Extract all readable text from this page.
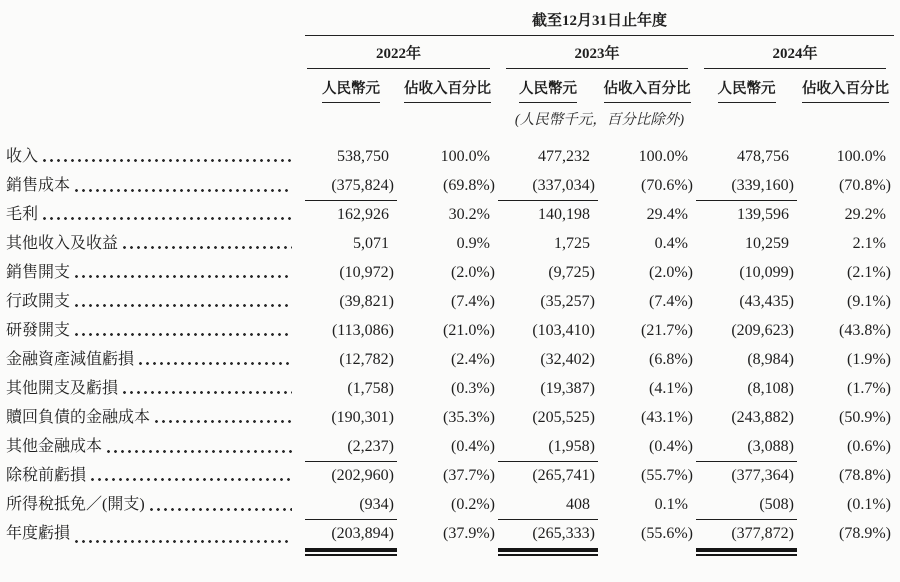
截至12月31日止年度
2022年	2023年	2024年
人民幣元	佔收入百分比	人民幣元	佔收入百分比	人民幣元	佔收入百分比
(人民幣千元，百分比除外)
收入	538,750	100.0%	477,232	100.0%	478,756	100.0%
銷售成本	(375,824)	(69.8%)	(337,034)	(70.6%)	(339,160)	(70.8%)
毛利	162,926	30.2%	140,198	29.4%	139,596	29.2%
其他收入及收益	5,071	0.9%	1,725	0.4%	10,259	2.1%
銷售開支	(10,972)	(2.0%)	(9,725)	(2.0%)	(10,099)	(2.1%)
行政開支	(39,821)	(7.4%)	(35,257)	(7.4%)	(43,435)	(9.1%)
研發開支	(113,086)	(21.0%)	(103,410)	(21.7%)	(209,623)	(43.8%)
金融資產減值虧損	(12,782)	(2.4%)	(32,402)	(6.8%)	(8,984)	(1.9%)
其他開支及虧損	(1,758)	(0.3%)	(19,387)	(4.1%)	(8,108)	(1.7%)
贖回負債的金融成本	(190,301)	(35.3%)	(205,525)	(43.1%)	(243,882)	(50.9%)
其他金融成本	(2,237)	(0.4%)	(1,958)	(0.4%)	(3,088)	(0.6%)
除稅前虧損	(202,960)	(37.7%)	(265,741)	(55.7%)	(377,364)	(78.8%)
所得稅抵免／(開支)	(934)	(0.2%)	408	0.1%	(508)	(0.1%)
年度虧損	(203,894)	(37.9%)	(265,333)	(55.6%)	(377,872)	(78.9%)
